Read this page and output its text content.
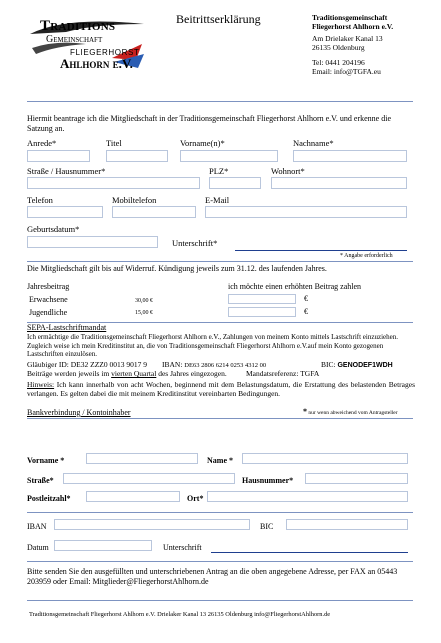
Traditions
Gemeinschaft
FLIEGERHORST
Ahlhorn e.V.
Beitrittserklärung	Traditionsgemeinschaft
Fliegerhorst Ahlhorn e.V.
Am Drielaker Kanal 13
26135 Oldenburg
Tel: 0441 204196
Email: info@TGFA.eu
Hiermit beantrage ich die Mitgliedschaft in der Traditionsgemeinschaft Fliegerhorst Ahlhorn e.V. und erkenne die Satzung an.
Anrede*	Titel	Vorname(n)*	Nachname*
Straße / Hausnummer*	PLZ*	Wohnort*
Telefon	Mobiltelefon	E-Mail
Geburtsdatum*
Unterschrift*
* Angabe erforderlich
Die Mitgliedschaft gilt bis auf Widerruf. Kündigung jeweils zum 31.12. des laufenden Jahres.
Jahresbeitrag	ich möchte einen erhöhten Beitrag zahlen
Erwachsene	30,00 €	€
Jugendliche	15,00 €	€
SEPA-Lastschriftmandat
Ich ermächtige die Traditionsgemeinschaft Fliegerhorst Ahlhorn e.V., Zahlungen von meinem Konto mittels Lastschrift einzuziehen. Zugleich weise ich mein Kreditinstitut an, die von Traditionsgemeinschaft Fliegerhorst Ahlhorn e.V.auf mein Konto gezogenen Lastschriften einzulösen.
Gläubiger ID: DE32 ZZZ0 0013 9017 9 IBAN: DE63 2806 6214 0253 4312 00	BIC: GENODEF1WDH
Beiträge werden jeweils im vierten Quartal des Jahres eingezogen.	Mandatsreferenz: TGFA
Hinweis: Ich kann innerhalb von acht Wochen, beginnend mit dem Belastungsdatum, die Erstattung des belastenden Betrages verlangen. Es gelten dabei die mit meinem Kreditinstitut vereinbarten Bedingungen.
Bankverbindung / Kontoinhaber	* nur wenn abweichend vom Antragsteller
Vorname *	Name *
Straße*	Hausnummer*
Postleitzahl*	Ort*
IBAN	BIC
Datum	Unterschrift
Bitte senden Sie den ausgefüllten und unterschriebenen Antrag an die oben angegebene Adresse, per FAX an 05443 203959 oder Email: Mitglieder@FliegerhorstAhlhorn.de
Traditionsgemeinschaft Fliegerhorst Ahlhorn e.V. Drielaker Kanal 13 26135 Oldenburg info@FliegerhorstAhlhorn.de
